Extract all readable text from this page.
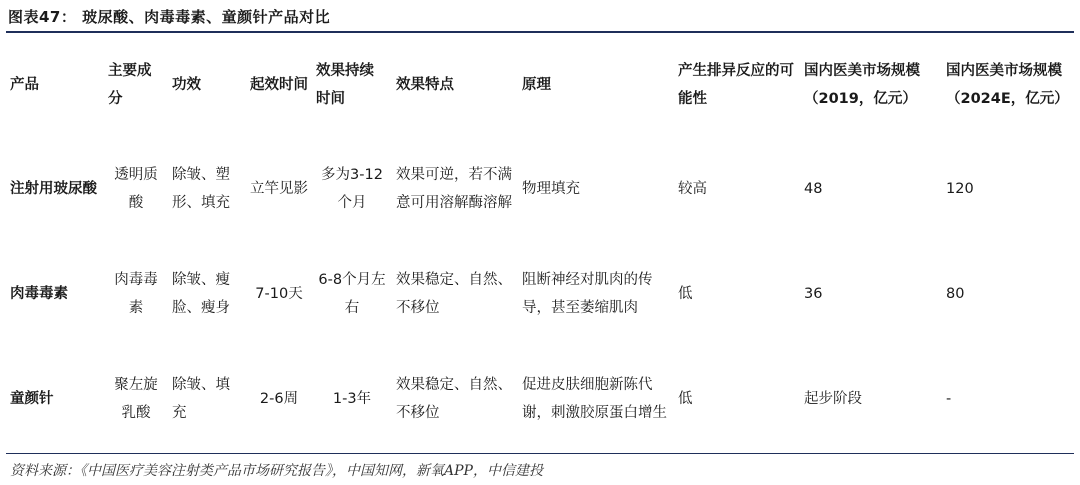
图表47： 玻尿酸、肉毒毒素、童颜针产品对比
产品	主要成分	功效	起效时间	效果持续时间	效果特点	原理	产生排异反应的可能性	国内医美市场规模（2019，亿元）	国内医美市场规模（2024E，亿元）
注射用玻尿酸	透明质酸	除皱、塑形、填充	立竿见影	多为3-12个月	效果可逆，若不满意可用溶解酶溶解	物理填充	较高	48	120
肉毒毒素	肉毒毒素	除皱、瘦脸、瘦身	7-10天	6-8个月左右	效果稳定、自然、不移位	阻断神经对肌肉的传导，甚至萎缩肌肉	低	36	80
童颜针	聚左旋乳酸	除皱、填充	2-6周	1-3年	效果稳定、自然、不移位	促进皮肤细胞新陈代谢，刺激胶原蛋白增生	低	起步阶段	-
资料来源：《中国医疗美容注射类产品市场研究报告》，中国知网，新氧APP，中信建投
